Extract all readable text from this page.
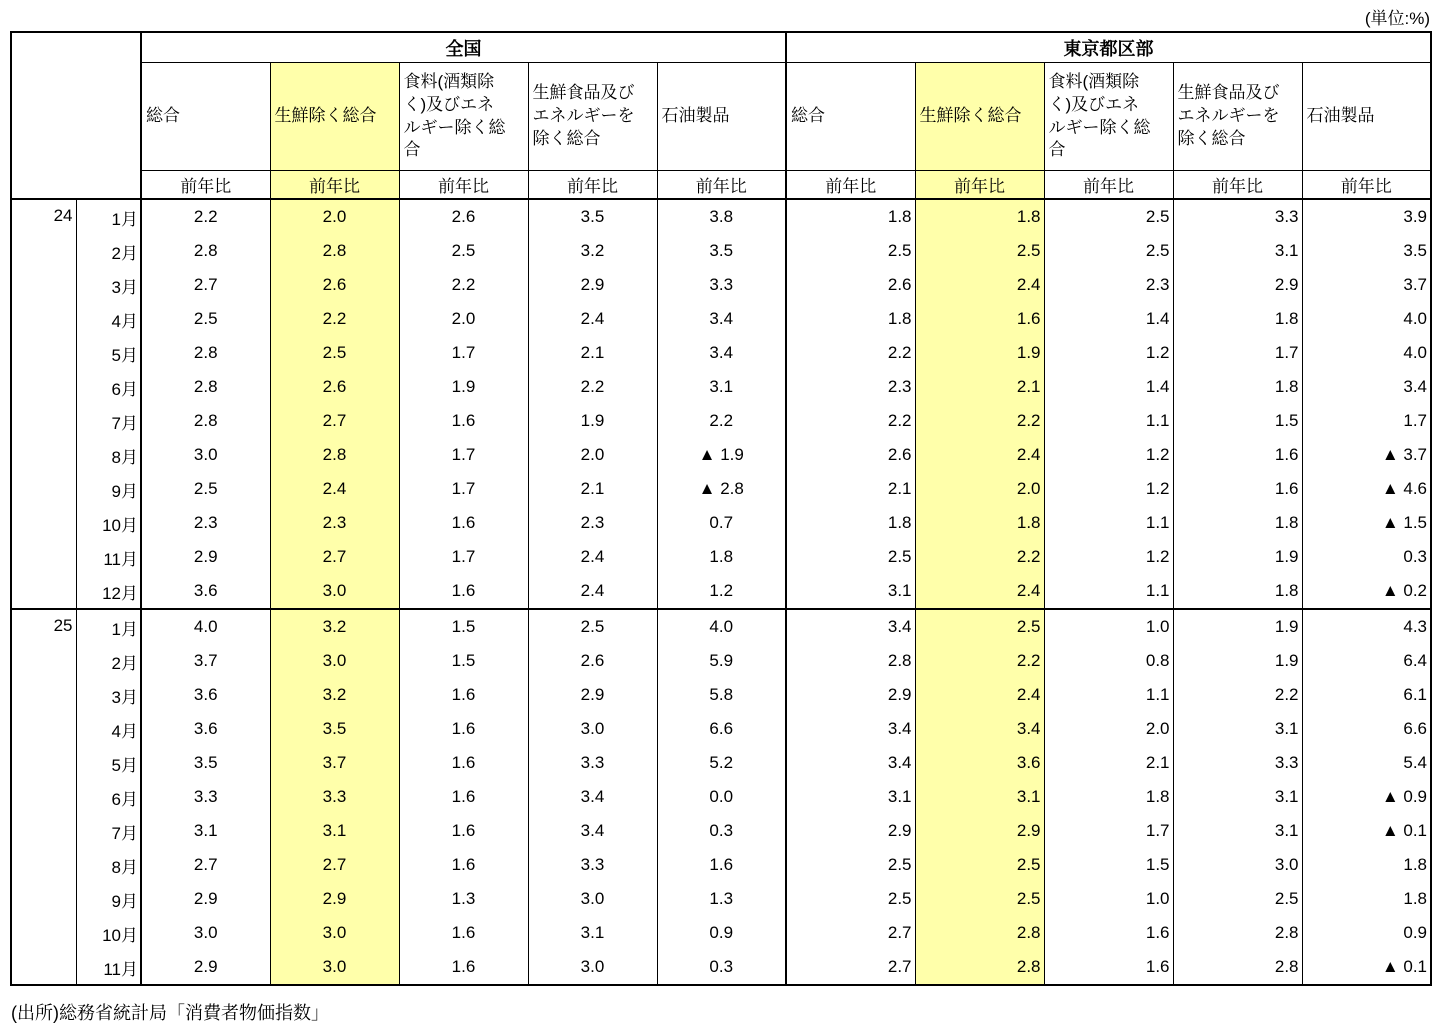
(単位:%)
		全国					東京都区部				
		総合	生鮮除く総合	食料(酒類除く)及びエネルギー除く総合	生鮮食品及びエネルギーを除く総合	石油製品	総合	生鮮除く総合	食料(酒類除く)及びエネルギー除く総合	生鮮食品及びエネルギーを除く総合	石油製品
		前年比	前年比	前年比	前年比	前年比	前年比	前年比	前年比	前年比	前年比
24	1月	2.2	2.0	2.6	3.5	3.8	1.8	1.8	2.5	3.3	3.9
	2月	2.8	2.8	2.5	3.2	3.5	2.5	2.5	2.5	3.1	3.5
	3月	2.7	2.6	2.2	2.9	3.3	2.6	2.4	2.3	2.9	3.7
	4月	2.5	2.2	2.0	2.4	3.4	1.8	1.6	1.4	1.8	4.0
	5月	2.8	2.5	1.7	2.1	3.4	2.2	1.9	1.2	1.7	4.0
	6月	2.8	2.6	1.9	2.2	3.1	2.3	2.1	1.4	1.8	3.4
	7月	2.8	2.7	1.6	1.9	2.2	2.2	2.2	1.1	1.5	1.7
	8月	3.0	2.8	1.7	2.0	▲ 1.9	2.6	2.4	1.2	1.6	▲ 3.7
	9月	2.5	2.4	1.7	2.1	▲ 2.8	2.1	2.0	1.2	1.6	▲ 4.6
	10月	2.3	2.3	1.6	2.3	0.7	1.8	1.8	1.1	1.8	▲ 1.5
	11月	2.9	2.7	1.7	2.4	1.8	2.5	2.2	1.2	1.9	0.3
	12月	3.6	3.0	1.6	2.4	1.2	3.1	2.4	1.1	1.8	▲ 0.2
25	1月	4.0	3.2	1.5	2.5	4.0	3.4	2.5	1.0	1.9	4.3
	2月	3.7	3.0	1.5	2.6	5.9	2.8	2.2	0.8	1.9	6.4
	3月	3.6	3.2	1.6	2.9	5.8	2.9	2.4	1.1	2.2	6.1
	4月	3.6	3.5	1.6	3.0	6.6	3.4	3.4	2.0	3.1	6.6
	5月	3.5	3.7	1.6	3.3	5.2	3.4	3.6	2.1	3.3	5.4
	6月	3.3	3.3	1.6	3.4	0.0	3.1	3.1	1.8	3.1	▲ 0.9
	7月	3.1	3.1	1.6	3.4	0.3	2.9	2.9	1.7	3.1	▲ 0.1
	8月	2.7	2.7	1.6	3.3	1.6	2.5	2.5	1.5	3.0	1.8
	9月	2.9	2.9	1.3	3.0	1.3	2.5	2.5	1.0	2.5	1.8
	10月	3.0	3.0	1.6	3.1	0.9	2.7	2.8	1.6	2.8	0.9
	11月	2.9	3.0	1.6	3.0	0.3	2.7	2.8	1.6	2.8	▲ 0.1
(出所)総務省統計局「消費者物価指数」
